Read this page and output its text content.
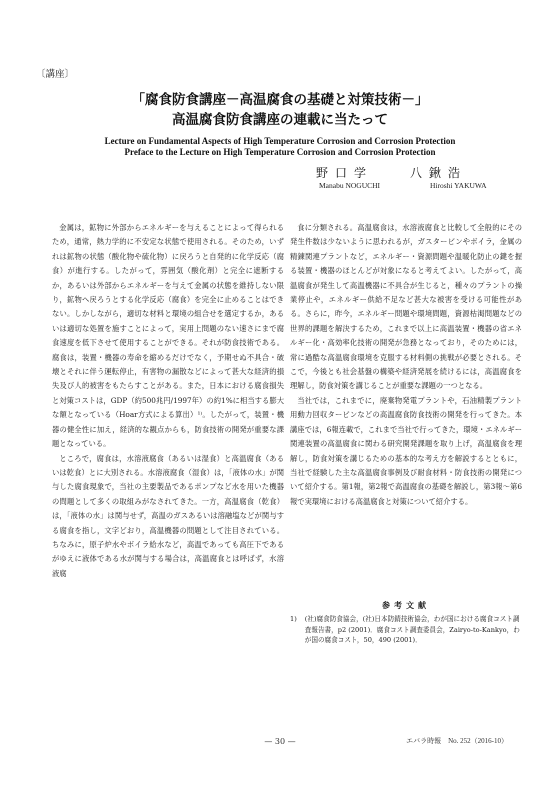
〔講座〕
「腐食防食講座－高温腐食の基礎と対策技術－」
高温腐食防食講座の連載に当たって
Lecture on Fundamental Aspects of High Temperature Corrosion and Corrosion Protection
Preface to the Lecture on High Temperature Corrosion and Corrosion Protection
野口学	八鍬浩
Manabu NOGUCHI	Hiroshi YAKUWA

金属は，鉱物に外部からエネルギーを与えることによって得られるため，通常，熱力学的に不安定な状態で使用される。そのため，いずれは鉱物の状態（酸化物や硫化物）に戻ろうと自発的に化学反応（腐食）が進行する。したがって，雰囲気（酸化剤）と完全に遮断するか，あるいは外部からエネルギーを与えて金属の状態を維持しない限り，鉱物へ戻ろうとする化学反応（腐食）を完全に止めることはできない。しかしながら，適切な材料と環境の組合せを選定するか，あるいは適切な処置を施すことによって，実用上問題のない速さにまで腐食速度を低下させて使用することができる。それが防食技術である。腐食は，装置・機器の寿命を縮めるだけでなく，予期せぬ不具合・破壊とそれに伴う運転停止，有害物の漏散などによって甚大な経済的損失及び人的被害をもたらすことがある。また，日本における腐食損失と対策コストは，GDP（約500兆円/1997年）の約1%に相当する膨大な額となっている（Hoar方式による算出）¹⁾。したがって，装置・機器の健全性に加え，経済的な観点からも，防食技術の開発が重要な課題となっている。

ところで，腐食は，水溶液腐食（あるいは湿食）と高温腐食（あるいは乾食）とに大別される。水溶液腐食（湿食）は，「液体の水」が関与した腐食現象で，当社の主要製品であるポンプなど水を用いた機器の問題として多くの取組みがなされてきた。一方，高温腐食（乾食）は，「液体の水」は関与せず，高温のガスあるいは溶融塩などが関与する腐食を指し，文字どおり，高温機器の問題として注目されている。ちなみに，原子炉水やボイラ給水など，高温であっても高圧下であるがゆえに液体である水が関与する場合は，高温腐食とは呼ばず，水溶液腐

食に分類される。高温腐食は，水溶液腐食と比較して全般的にその発生件数は少ないように思われるが，ガスタービンやボイラ，金属の精錬関連プラントなど，エネルギー・資源問題や温暖化防止の鍵を握る装置・機器のほとんどが対象になると考えてよい。したがって，高温腐食が発生して高温機器に不具合が生じると，種々のプラントの操業停止や，エネルギー供給不足など甚大な被害を受ける可能性がある。さらに，昨今，エネルギー問題や環境問題，資源枯渇問題などの世界的課題を解決するため，これまで以上に高温装置・機器の省エネルギー化・高効率化技術の開発が急務となっており，そのためには，常に過酷な高温腐食環境を克服する材料側の挑戦が必要とされる。そこで，今後とも社会基盤の構築や経済発展を続けるには，高温腐食を理解し，防食対策を講じることが重要な課題の一つとなる。

当社では，これまでに，廃棄物発電プラントや，石油精製プラント用動力回収タービンなどの高温腐食防食技術の開発を行ってきた。本講座では，6報连載で，これまで当社で行ってきた，環境・エネルギー関連装置の高温腐食に関わる研究開発課題を取り上げ，高温腐食を理解し，防食対策を講じるための基本的な考え方を解説するとともに，当社で経験した主な高温腐食事例及び耐食材料・防食技術の開発について紹介する。第1報，第2報で高温腐食の基礎を解説し，第3報～第6報で実環境における高温腐食と対策について紹介する。

参考文献
1) (社)腐食防食協会，(社)日本防錆技術協会，わが国における腐食コスト調査報告書，p2 (2001)．腐食コスト調査委員会，Zairyo-to-Kankyo，わが国の腐食コスト，50，490 (2001)．
— 30 —	エバラ時報　No. 252（2016-10）
